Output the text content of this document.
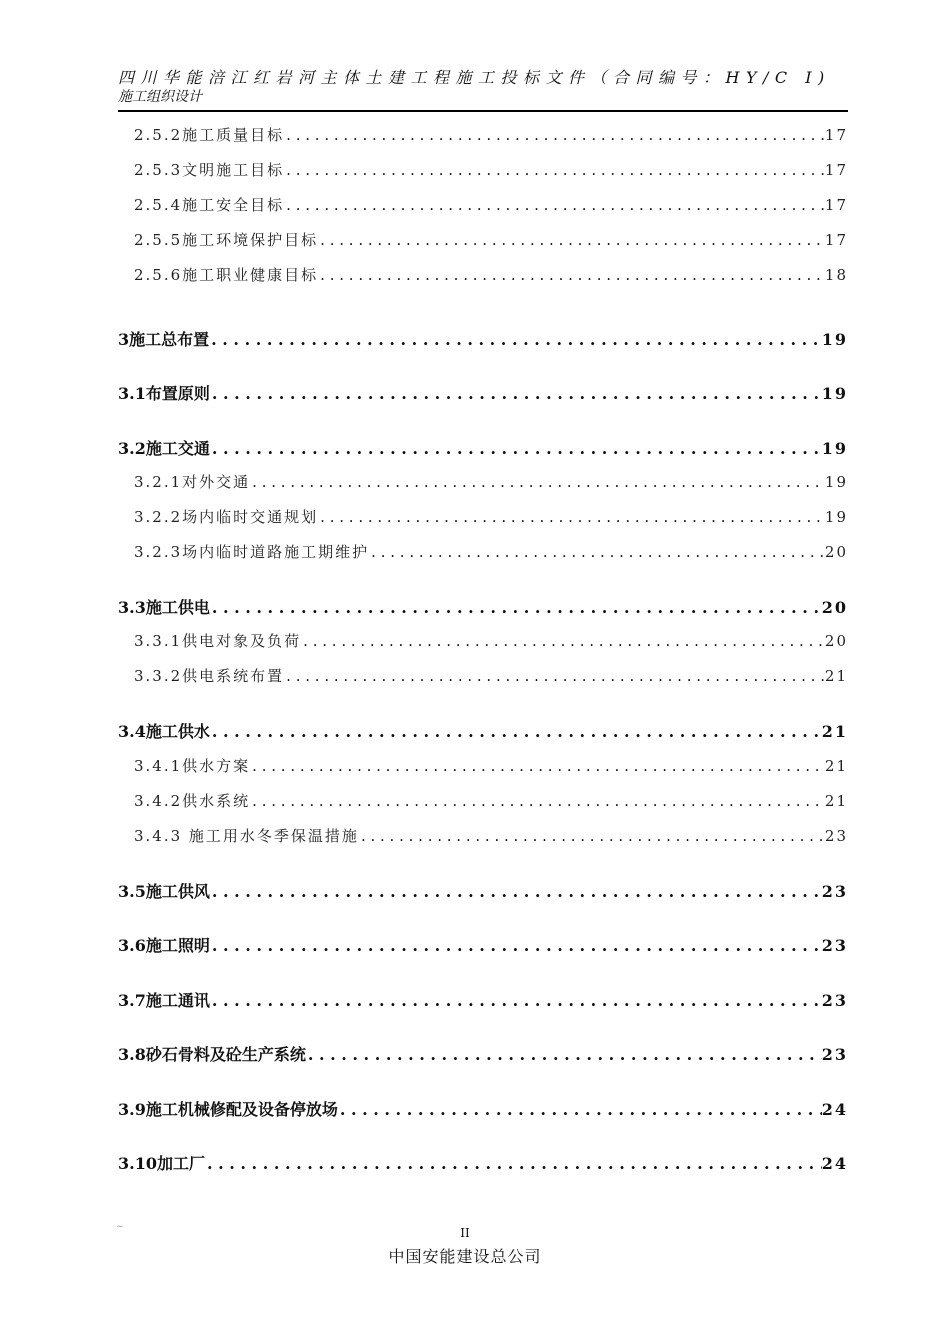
四川华能涪江红岩河主体土建工程施工投标文件（合同编号：HY/C I)
施工组织设计
2.5.2施工质量目标 . . .	17
2.5.3文明施工目标 . . .	17
2.5.4施工安全目标 . . .	17
2.5.5施工环境保护目标 . . .	17
2.5.6施工职业健康目标 . . .	18
3施工总布置 . . .	19
3.1布置原则 . . .	19
3.2施工交通 . . .	19
3.2.1对外交通 . . .	19
3.2.2场内临时交通规划 . . .	19
3.2.3场内临时道路施工期维护 . . .	20
3.3施工供电 . . .	20
3.3.1供电对象及负荷 . . .	20
3.3.2供电系统布置 . . .	21
3.4施工供水 . . .	21
3.4.1供水方案 . . .	21
3.4.2供水系统 . . .	21
3.4.3 施工用水冬季保温措施 . . .	23
3.5施工供风 . . .	23
3.6施工照明 . . .	23
3.7施工通讯 . . .	23
3.8砂石骨料及砼生产系统 . . .	23
3.9施工机械修配及设备停放场 . . .	24
3.10加工厂 . . .	24
~	II
中国安能建设总公司
